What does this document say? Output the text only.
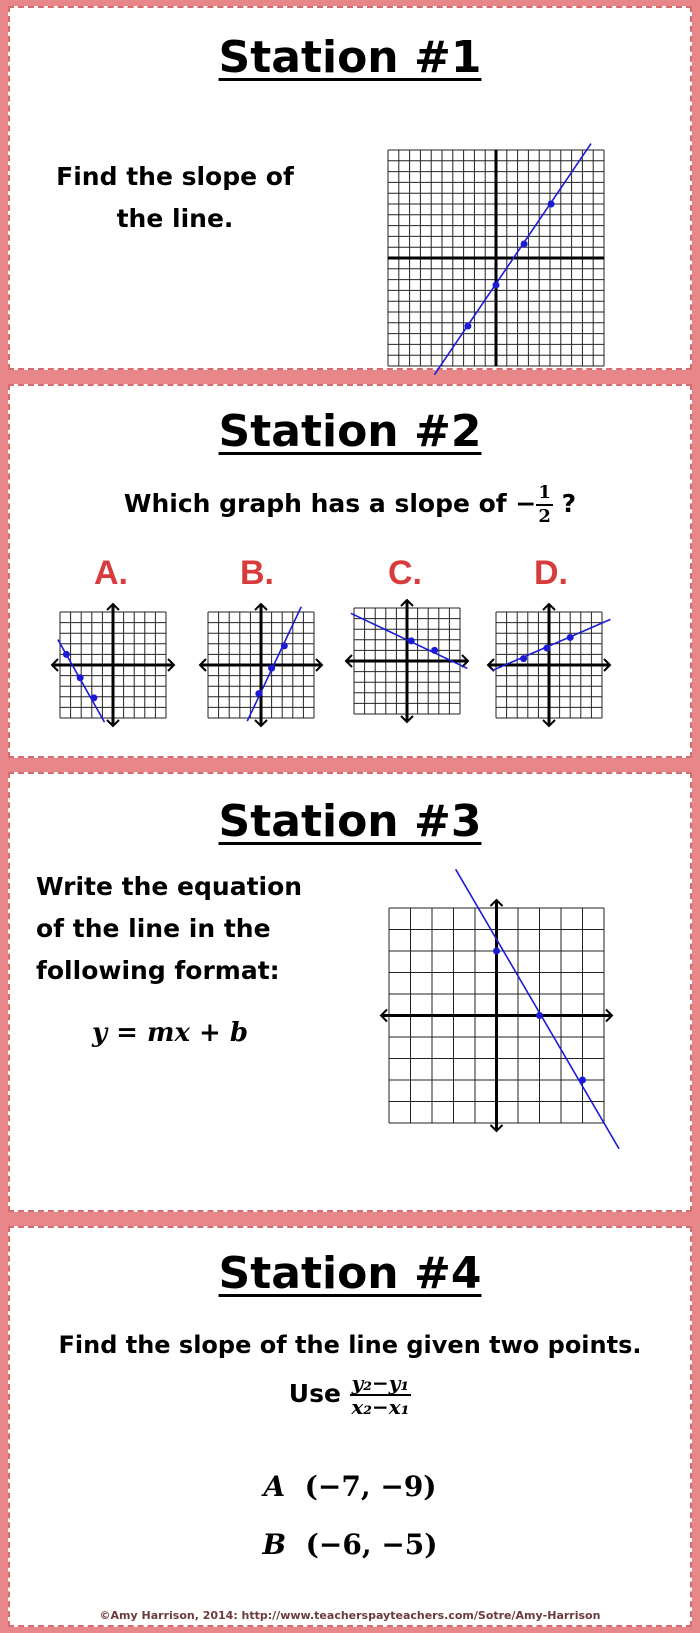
Station #1
Find the slope of
the line.
Station #2
Which graph has a slope of − $\frac{1}{2}$ ?
A.	B.	C.	D.
Station #3
Write the equation
of the line in the
following format:
y = mx + b
Station #4
Find the slope of the line given two points.
Use $\frac{\text{y₂−y₁}}{\text{x₂−x₁}}$
A (−7, −9)
B (−6, −5)
©Amy Harrison, 2014: http://www.teacherspayteachers.com/Sotre/Amy-Harrison
